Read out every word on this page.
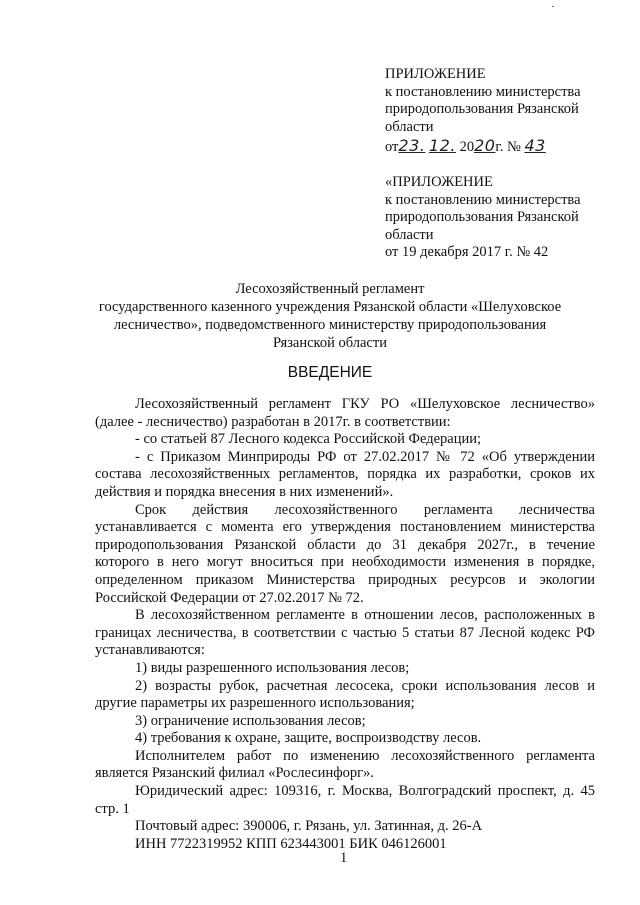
ПРИЛОЖЕНИЕ
к постановлению министерства
природопользования Рязанской
области
от23. 12. 2020г. № 43
«ПРИЛОЖЕНИЕ
к постановлению министерства
природопользования Рязанской
области
от 19 декабря 2017 г. № 42
Лесохозяйственный регламент
государственного казенного учреждения Рязанской области «Шелуховское
лесничество», подведомственного министерству природопользования
Рязанской области
ВВЕДЕНИЕ

Лесохозяйственный регламент ГКУ РО «Шелуховское лесничество»

(далее - лесничество) разработан в 2017г. в соответствии:

- со статьей 87 Лесного кодекса Российской Федерации;

- с Приказом Минприроды РФ от 27.02.2017 № 72 «Об утверждении

состава лесохозяйственных регламентов, порядка их разработки, сроков их

действия и порядка внесения в них изменений».

Срок действия лесохозяйственного регламента лесничества

устанавливается с момента его утверждения постановлением министерства

природопользования Рязанской области до 31 декабря 2027г., в течение

которого в него могут вноситься при необходимости изменения в порядке,

определенном приказом Министерства природных ресурсов и экологии

Российской Федерации от 27.02.2017 № 72.

В лесохозяйственном регламенте в отношении лесов, расположенных в

границах лесничества, в соответствии с частью 5 статьи 87 Лесной кодекс РФ

устанавливаются:

1) виды разрешенного использования лесов;

2) возрасты рубок, расчетная лесосека, сроки использования лесов и

другие параметры их разрешенного использования;

3) ограничение использования лесов;

4) требования к охране, защите, воспроизводству лесов.

Исполнителем работ по изменению лесохозяйственного регламента

является Рязанский филиал «Рослесинфорг».

Юридический адрес: 109316, г. Москва, Волгоградский проспект, д. 45

стр. 1

Почтовый адрес: 390006, г. Рязань, ул. Затинная, д. 26-А

ИНН 7722319952 КПП 623443001 БИК 046126001

1
